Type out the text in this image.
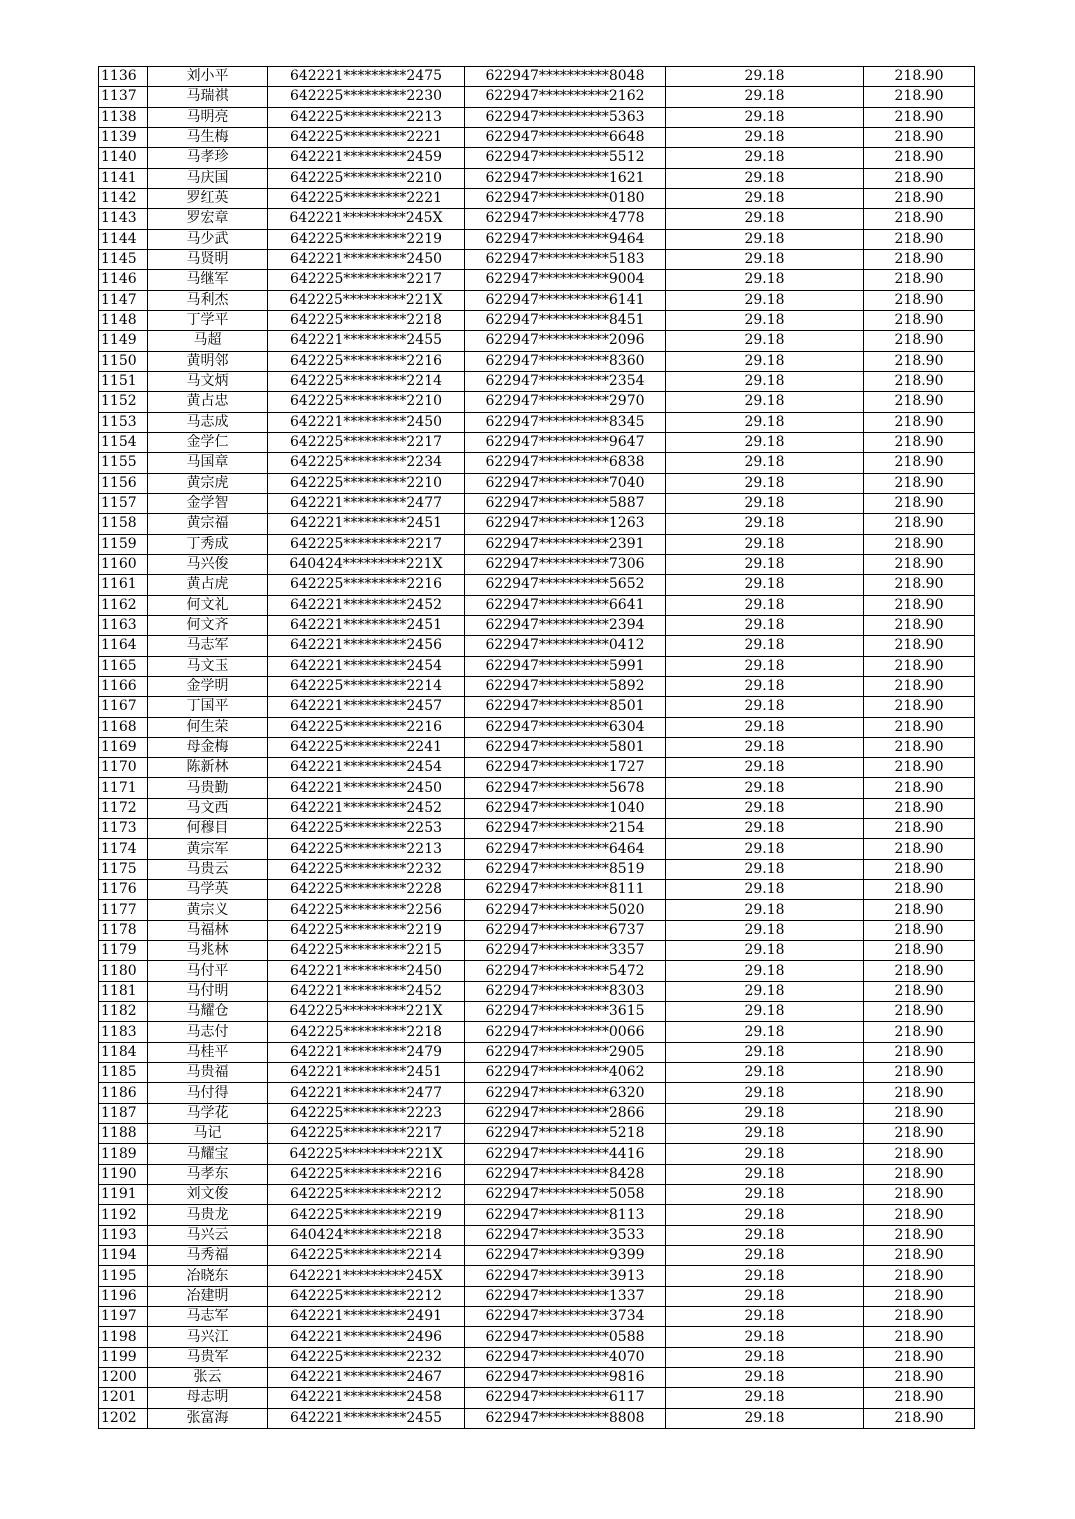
1136	刘小平	642221*********2475	622947**********8048	29.18	218.90
1137	马瑞祺	642225*********2230	622947**********2162	29.18	218.90
1138	马明亮	642225*********2213	622947**********5363	29.18	218.90
1139	马生梅	642225*********2221	622947**********6648	29.18	218.90
1140	马孝珍	642221*********2459	622947**********5512	29.18	218.90
1141	马庆国	642225*********2210	622947**********1621	29.18	218.90
1142	罗红英	642225*********2221	622947**********0180	29.18	218.90
1143	罗宏章	642221*********245X	622947**********4778	29.18	218.90
1144	马少武	642225*********2219	622947**********9464	29.18	218.90
1145	马贤明	642221*********2450	622947**********5183	29.18	218.90
1146	马继军	642225*********2217	622947**********9004	29.18	218.90
1147	马利杰	642225*********221X	622947**********6141	29.18	218.90
1148	丁学平	642225*********2218	622947**********8451	29.18	218.90
1149	马超	642221*********2455	622947**********2096	29.18	218.90
1150	黄明邻	642225*********2216	622947**********8360	29.18	218.90
1151	马文炳	642225*********2214	622947**********2354	29.18	218.90
1152	黄占忠	642225*********2210	622947**********2970	29.18	218.90
1153	马志成	642221*********2450	622947**********8345	29.18	218.90
1154	金学仁	642225*********2217	622947**********9647	29.18	218.90
1155	马国章	642225*********2234	622947**********6838	29.18	218.90
1156	黄宗虎	642225*********2210	622947**********7040	29.18	218.90
1157	金学智	642221*********2477	622947**********5887	29.18	218.90
1158	黄宗福	642221*********2451	622947**********1263	29.18	218.90
1159	丁秀成	642225*********2217	622947**********2391	29.18	218.90
1160	马兴俊	640424*********221X	622947**********7306	29.18	218.90
1161	黄占虎	642225*********2216	622947**********5652	29.18	218.90
1162	何文礼	642221*********2452	622947**********6641	29.18	218.90
1163	何文齐	642221*********2451	622947**********2394	29.18	218.90
1164	马志军	642221*********2456	622947**********0412	29.18	218.90
1165	马文玉	642221*********2454	622947**********5991	29.18	218.90
1166	金学明	642225*********2214	622947**********5892	29.18	218.90
1167	丁国平	642221*********2457	622947**********8501	29.18	218.90
1168	何生荣	642225*********2216	622947**********6304	29.18	218.90
1169	母金梅	642225*********2241	622947**********5801	29.18	218.90
1170	陈新林	642221*********2454	622947**********1727	29.18	218.90
1171	马贵勤	642221*********2450	622947**********5678	29.18	218.90
1172	马文西	642221*********2452	622947**********1040	29.18	218.90
1173	何穆目	642225*********2253	622947**********2154	29.18	218.90
1174	黄宗军	642225*********2213	622947**********6464	29.18	218.90
1175	马贵云	642225*********2232	622947**********8519	29.18	218.90
1176	马学英	642225*********2228	622947**********8111	29.18	218.90
1177	黄宗义	642225*********2256	622947**********5020	29.18	218.90
1178	马福林	642225*********2219	622947**********6737	29.18	218.90
1179	马兆林	642225*********2215	622947**********3357	29.18	218.90
1180	马付平	642221*********2450	622947**********5472	29.18	218.90
1181	马付明	642221*********2452	622947**********8303	29.18	218.90
1182	马耀仓	642225*********221X	622947**********3615	29.18	218.90
1183	马志付	642225*********2218	622947**********0066	29.18	218.90
1184	马桂平	642221*********2479	622947**********2905	29.18	218.90
1185	马贵福	642221*********2451	622947**********4062	29.18	218.90
1186	马付得	642221*********2477	622947**********6320	29.18	218.90
1187	马学花	642225*********2223	622947**********2866	29.18	218.90
1188	马记	642225*********2217	622947**********5218	29.18	218.90
1189	马耀宝	642225*********221X	622947**********4416	29.18	218.90
1190	马孝东	642225*********2216	622947**********8428	29.18	218.90
1191	刘文俊	642225*********2212	622947**********5058	29.18	218.90
1192	马贵龙	642225*********2219	622947**********8113	29.18	218.90
1193	马兴云	640424*********2218	622947**********3533	29.18	218.90
1194	马秀福	642225*********2214	622947**********9399	29.18	218.90
1195	冶晓东	642221*********245X	622947**********3913	29.18	218.90
1196	冶建明	642225*********2212	622947**********1337	29.18	218.90
1197	马志军	642221*********2491	622947**********3734	29.18	218.90
1198	马兴江	642221*********2496	622947**********0588	29.18	218.90
1199	马贵军	642225*********2232	622947**********4070	29.18	218.90
1200	张云	642221*********2467	622947**********9816	29.18	218.90
1201	母志明	642221*********2458	622947**********6117	29.18	218.90
1202	张富海	642221*********2455	622947**********8808	29.18	218.90
